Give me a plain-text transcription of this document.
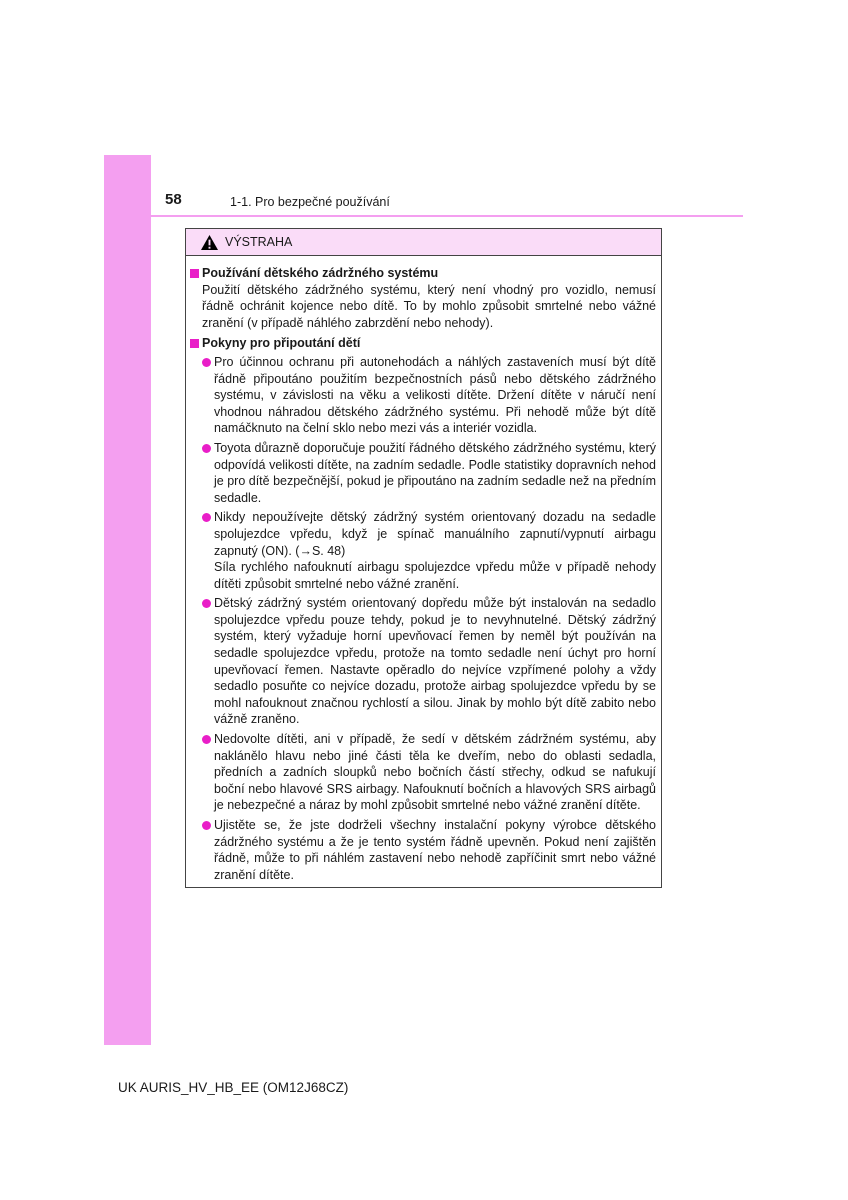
58	1-1. Pro bezpečné používání
VÝSTRAHA
Používání dětského zádržného systému
Použití dětského zádržného systému, který není vhodný pro vozidlo, nemusí řádně ochránit kojence nebo dítě. To by mohlo způsobit smrtelné nebo vážné zranění (v případě náhlého zabrzdění nebo nehody).
Pokyny pro připoutání dětí
Pro účinnou ochranu při autonehodách a náhlých zastaveních musí být dítě řádně připoutáno použitím bezpečnostních pásů nebo dětského zádržného systému, v závislosti na věku a velikosti dítěte. Držení dítěte v náručí není vhodnou náhradou dětského zádržného systému. Při nehodě může být dítě namáčknuto na čelní sklo nebo mezi vás a interiér vozidla.
Toyota důrazně doporučuje použití řádného dětského zádržného systému, který odpovídá velikosti dítěte, na zadním sedadle. Podle statistiky dopravních nehod je pro dítě bezpečnější, pokud je připoutáno na zadním sedadle než na předním sedadle.
Nikdy nepoužívejte dětský zádržný systém orientovaný dozadu na sedadle spolujezdce vpředu, když je spínač manuálního zapnutí/vypnutí airbagu zapnutý (ON). (→S. 48)
Síla rychlého nafouknutí airbagu spolujezdce vpředu může v případě nehody dítěti způsobit smrtelné nebo vážné zranění.
Dětský zádržný systém orientovaný dopředu může být instalován na sedadlo spolujezdce vpředu pouze tehdy, pokud je to nevyhnutelné. Dětský zádržný systém, který vyžaduje horní upevňovací řemen by neměl být používán na sedadle spolujezdce vpředu, protože na tomto sedadle není úchyt pro horní upevňovací řemen. Nastavte opěradlo do nejvíce vzpřímené polohy a vždy sedadlo posuňte co nejvíce dozadu, protože airbag spolujezdce vpředu by se mohl nafouknout značnou rychlostí a silou. Jinak by mohlo být dítě zabito nebo vážně zraněno.
Nedovolte dítěti, ani v případě, že sedí v dětském zádržném systému, aby naklánělo hlavu nebo jiné části těla ke dveřím, nebo do oblasti sedadla, předních a zadních sloupků nebo bočních částí střechy, odkud se nafukují boční nebo hlavové SRS airbagy. Nafouknutí bočních a hlavových SRS airbagů je nebezpečné a náraz by mohl způsobit smrtelné nebo vážné zranění dítěte.
Ujistěte se, že jste dodrželi všechny instalační pokyny výrobce dětského zádržného systému a že je tento systém řádně upevněn. Pokud není zajištěn řádně, může to při náhlém zastavení nebo nehodě zapříčinit smrt nebo vážné zranění dítěte.
UK AURIS_HV_HB_EE (OM12J68CZ)
